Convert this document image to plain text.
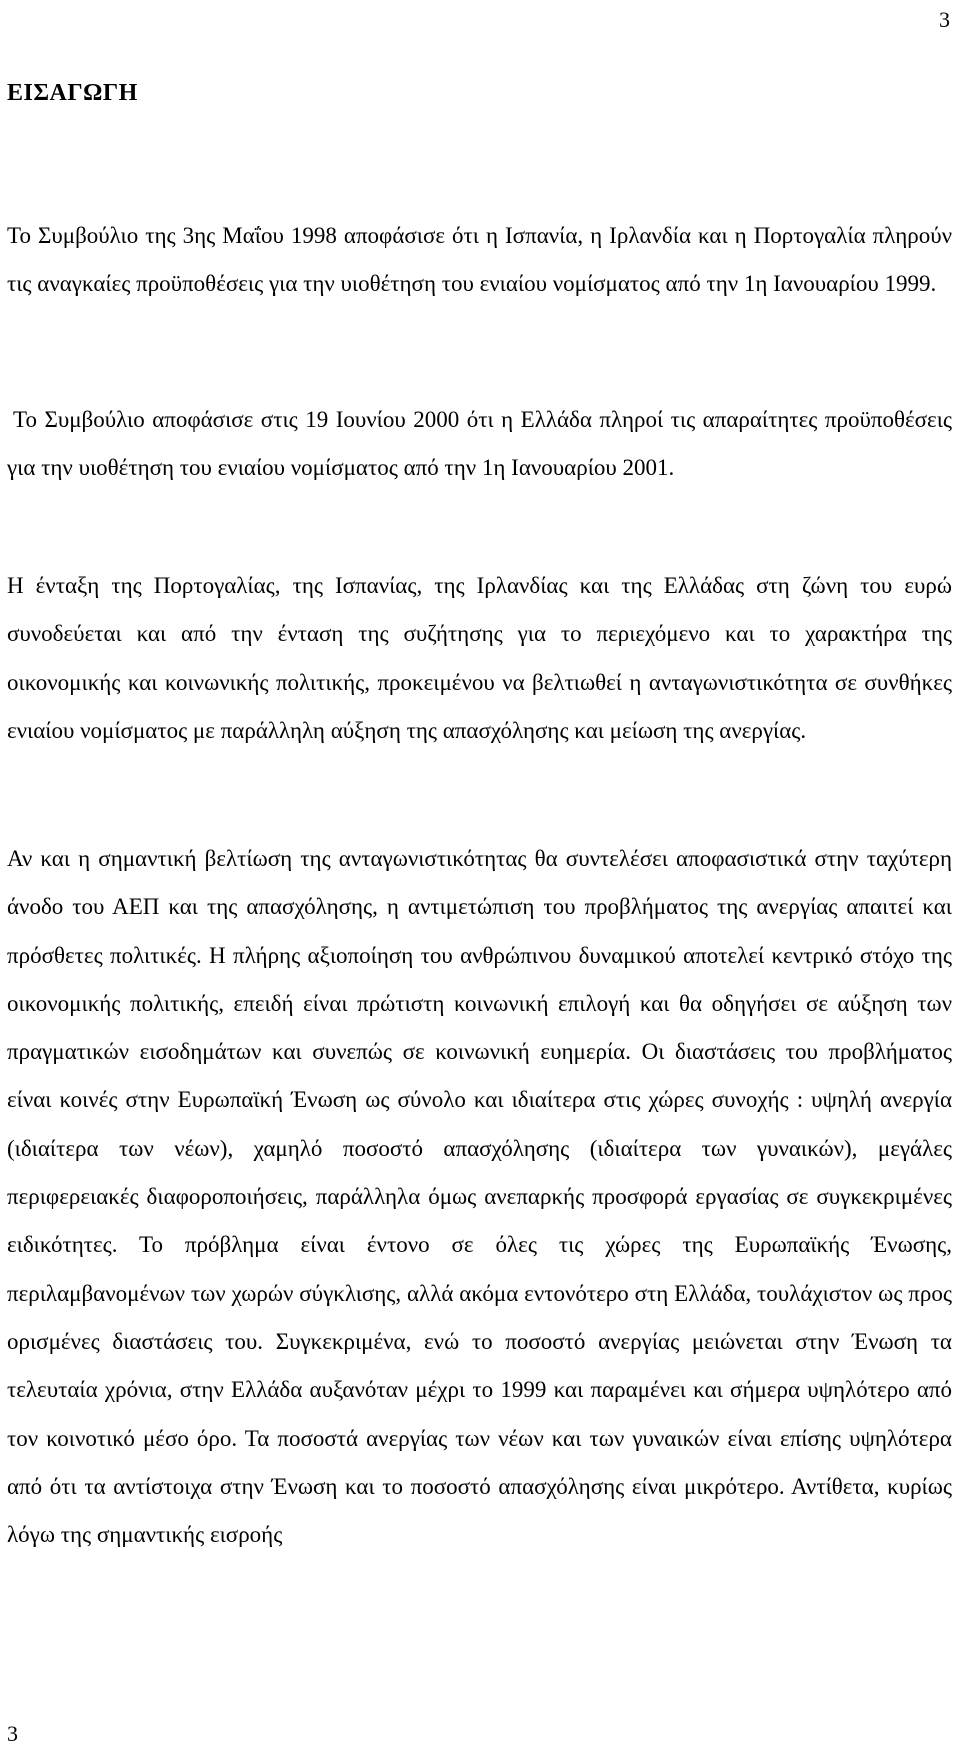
3
ΕΙΣΑΓΩΓΗ

Το Συμβούλιο της 3ης Μαΐου 1998 αποφάσισε ότι η Ισπανία, η Ιρλανδία και η Πορτογαλία πληρούν τις αναγκαίες προϋποθέσεις για την υιοθέτηση του ενιαίου νομίσματος από την 1η Ιανουαρίου 1999.

Το Συμβούλιο αποφάσισε στις 19 Ιουνίου 2000 ότι η Ελλάδα πληροί τις απαραίτητες προϋποθέσεις για την υιοθέτηση του ενιαίου νομίσματος από την 1η Ιανουαρίου 2001.

Η ένταξη της Πορτογαλίας, της Ισπανίας, της Ιρλανδίας και της Ελλάδας στη ζώνη του ευρώ συνοδεύεται και από την ένταση της συζήτησης για το περιεχόμενο και το χαρακτήρα της οικονομικής και κοινωνικής πολιτικής, προκειμένου να βελτιωθεί η ανταγωνιστικότητα σε συνθήκες ενιαίου νομίσματος με παράλληλη αύξηση της απασχόλησης και μείωση της ανεργίας.

Αν και η σημαντική βελτίωση της ανταγωνιστικότητας θα συντελέσει αποφασιστικά στην ταχύτερη άνοδο του ΑΕΠ και της απασχόλησης, η αντιμετώπιση του προβλήματος της ανεργίας απαιτεί και πρόσθετες πολιτικές. Η πλήρης αξιοποίηση του ανθρώπινου δυναμικού αποτελεί κεντρικό στόχο της οικονομικής πολιτικής, επειδή είναι πρώτιστη κοινωνική επιλογή και θα οδηγήσει σε αύξηση των πραγματικών εισοδημάτων και συνεπώς σε κοινωνική ευημερία. Οι διαστάσεις του προβλήματος είναι κοινές στην Ευρωπαϊκή Ένωση ως σύνολο και ιδιαίτερα στις χώρες συνοχής : υψηλή ανεργία (ιδιαίτερα των νέων), χαμηλό ποσοστό απασχόλησης (ιδιαίτερα των γυναικών), μεγάλες περιφερειακές διαφοροποιήσεις, παράλληλα όμως ανεπαρκής προσφορά εργασίας σε συγκεκριμένες ειδικότητες. Το πρόβλημα είναι έντονο σε όλες τις χώρες της Ευρωπαϊκής Ένωσης, περιλαμβανομένων των χωρών σύγκλισης, αλλά ακόμα εντονότερο στη Ελλάδα, τουλάχιστον ως προς ορισμένες διαστάσεις του. Συγκεκριμένα, ενώ το ποσοστό ανεργίας μειώνεται στην Ένωση τα τελευταία χρόνια, στην Ελλάδα αυξανόταν μέχρι το 1999 και παραμένει και σήμερα υψηλότερο από τον κοινοτικό μέσο όρο. Τα ποσοστά ανεργίας των νέων και των γυναικών είναι επίσης υψηλότερα από ότι τα αντίστοιχα στην Ένωση και το ποσοστό απασχόλησης είναι μικρότερο. Αντίθετα, κυρίως λόγω της σημαντικής εισροής

3
